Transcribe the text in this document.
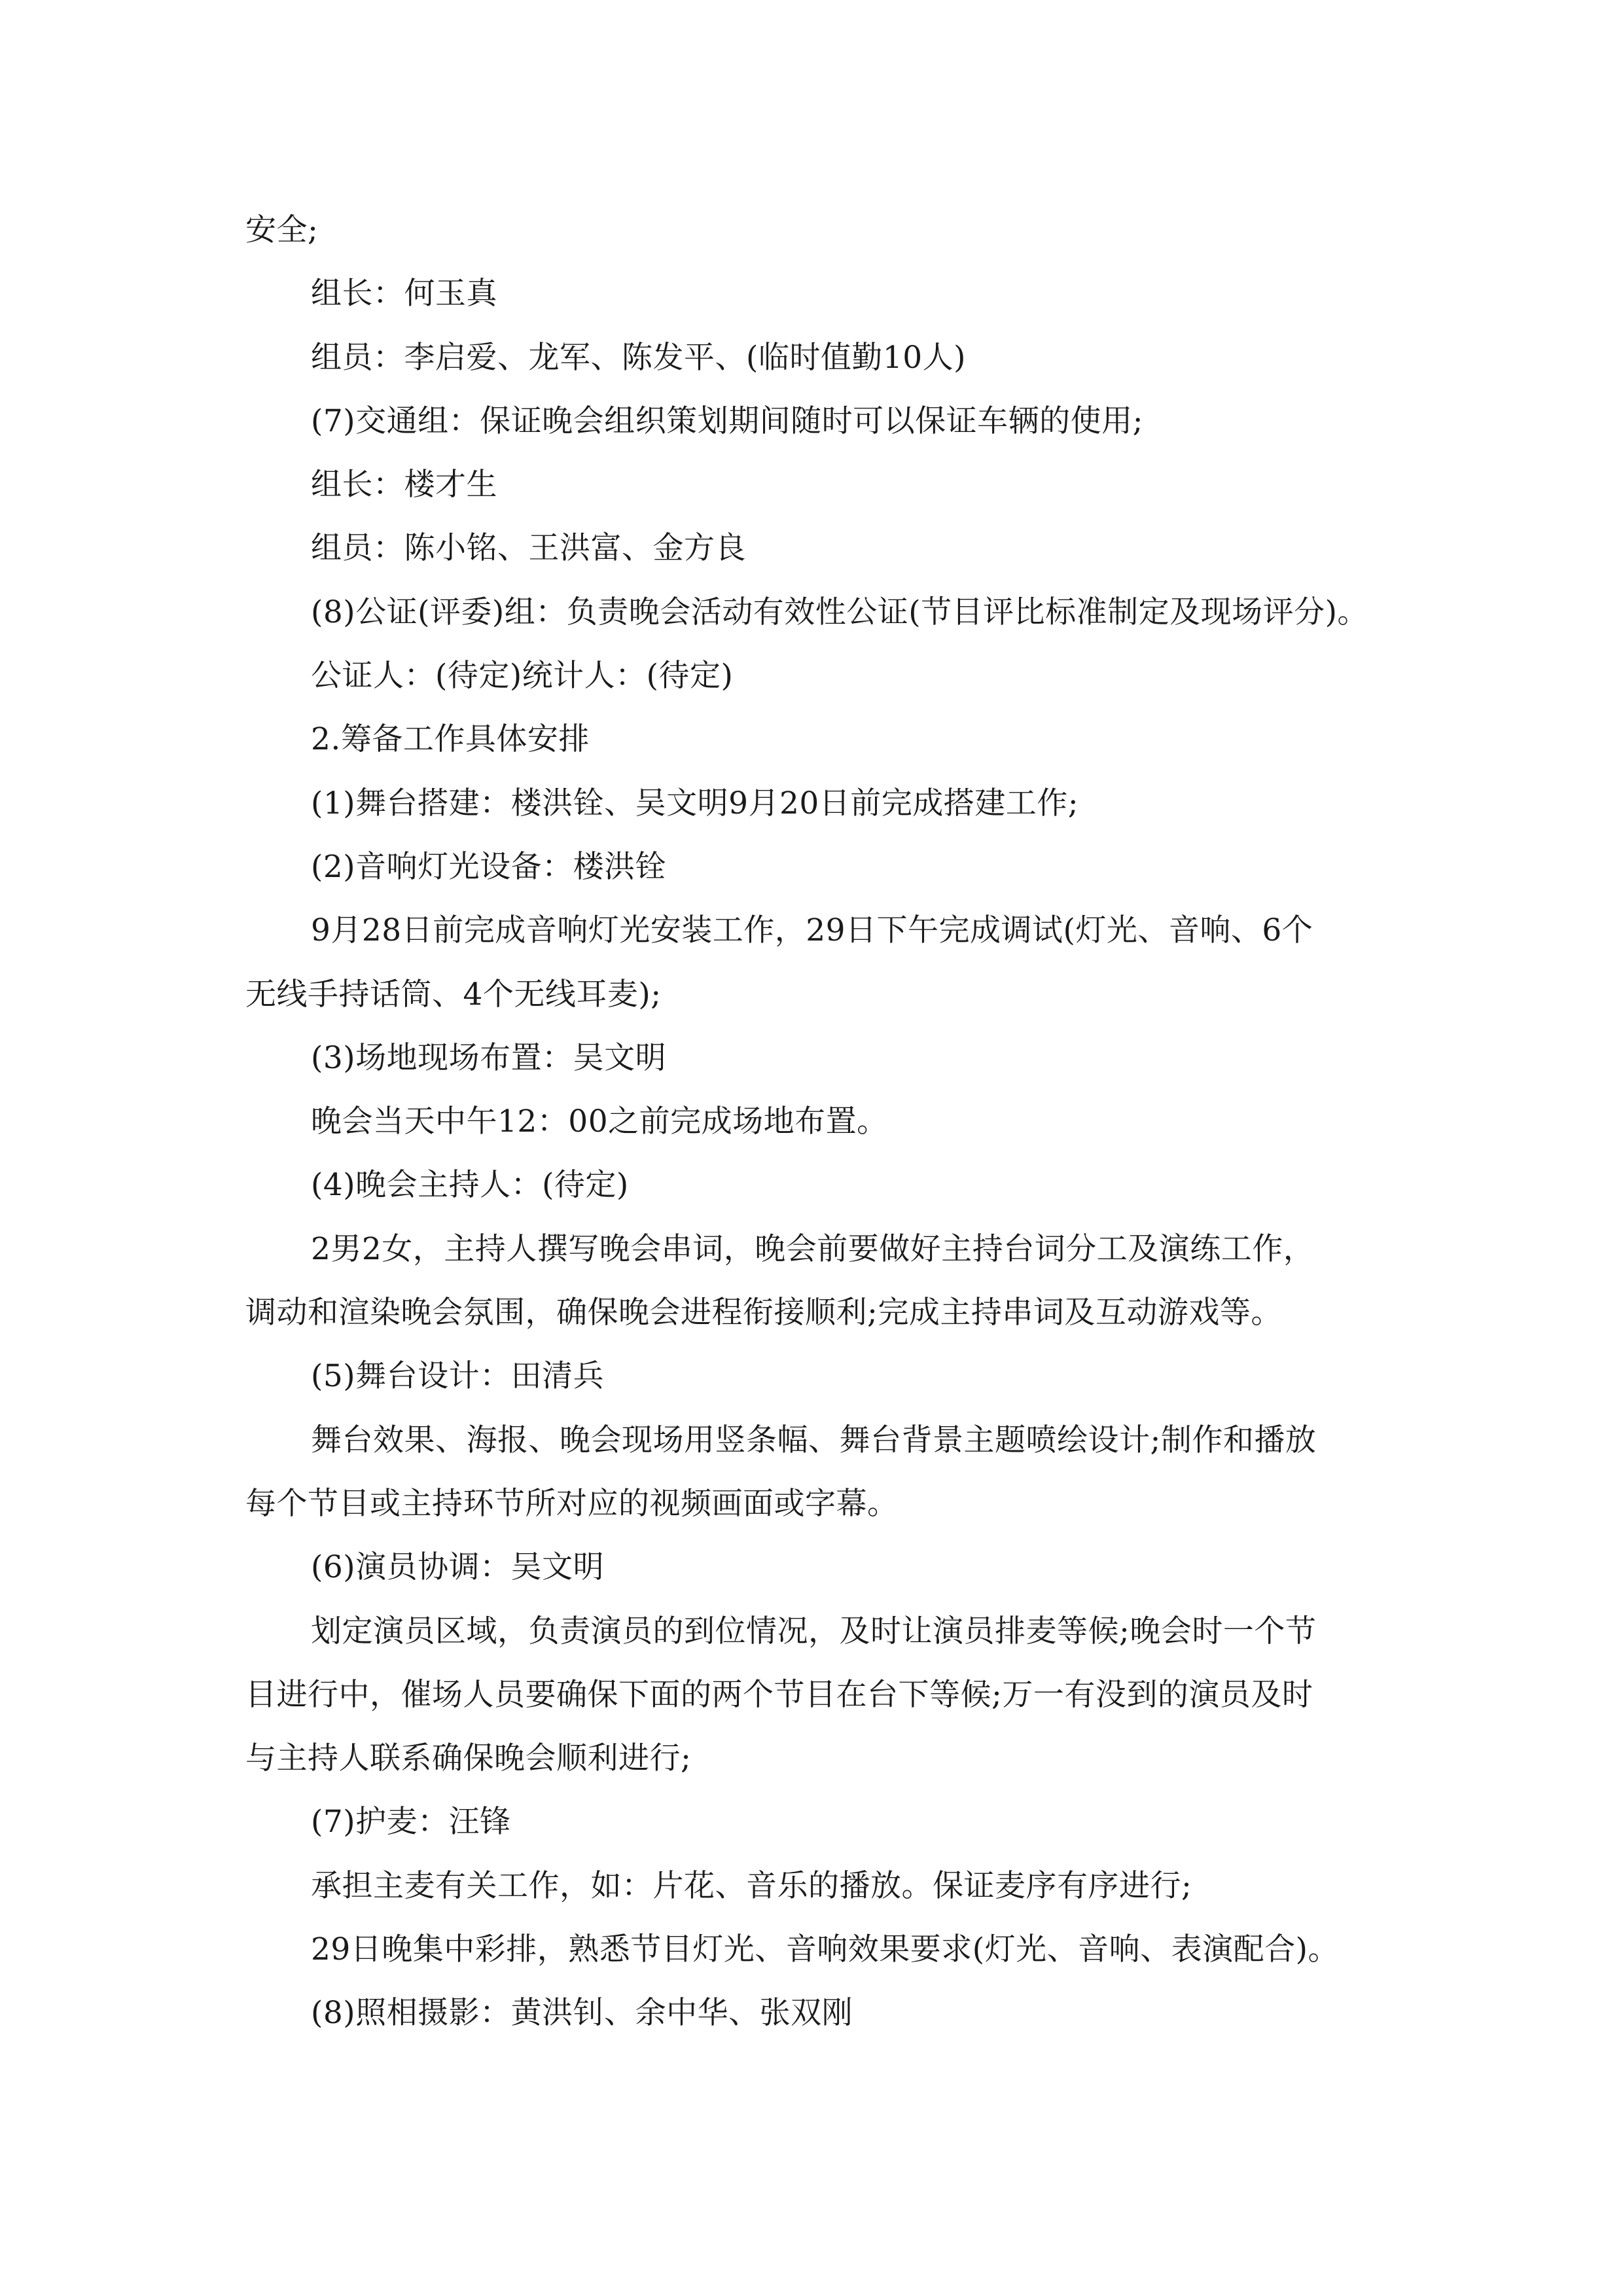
安全;
组长：何玉真
组员：李启爱、龙军、陈发平、(临时值勤10人)
(7)交通组：保证晚会组织策划期间随时可以保证车辆的使用;
组长：楼才生
组员：陈小铭、王洪富、金方良
(8)公证(评委)组：负责晚会活动有效性公证(节目评比标准制定及现场评分)。
公证人：(待定)统计人：(待定)
2.筹备工作具体安排
(1)舞台搭建：楼洪铨、吴文明9月20日前完成搭建工作;
(2)音响灯光设备：楼洪铨
9月28日前完成音响灯光安装工作，29日下午完成调试(灯光、音响、6个
无线手持话筒、4个无线耳麦);
(3)场地现场布置：吴文明
晚会当天中午12：00之前完成场地布置。
(4)晚会主持人：(待定)
2男2女，主持人撰写晚会串词，晚会前要做好主持台词分工及演练工作，
调动和渲染晚会氛围，确保晚会进程衔接顺利;完成主持串词及互动游戏等。
(5)舞台设计：田清兵
舞台效果、海报、晚会现场用竖条幅、舞台背景主题喷绘设计;制作和播放
每个节目或主持环节所对应的视频画面或字幕。
(6)演员协调：吴文明
划定演员区域，负责演员的到位情况，及时让演员排麦等候;晚会时一个节
目进行中，催场人员要确保下面的两个节目在台下等候;万一有没到的演员及时
与主持人联系确保晚会顺利进行;
(7)护麦：汪锋
承担主麦有关工作，如：片花、音乐的播放。保证麦序有序进行;
29日晚集中彩排，熟悉节目灯光、音响效果要求(灯光、音响、表演配合)。
(8)照相摄影：黄洪钊、余中华、张双刚
